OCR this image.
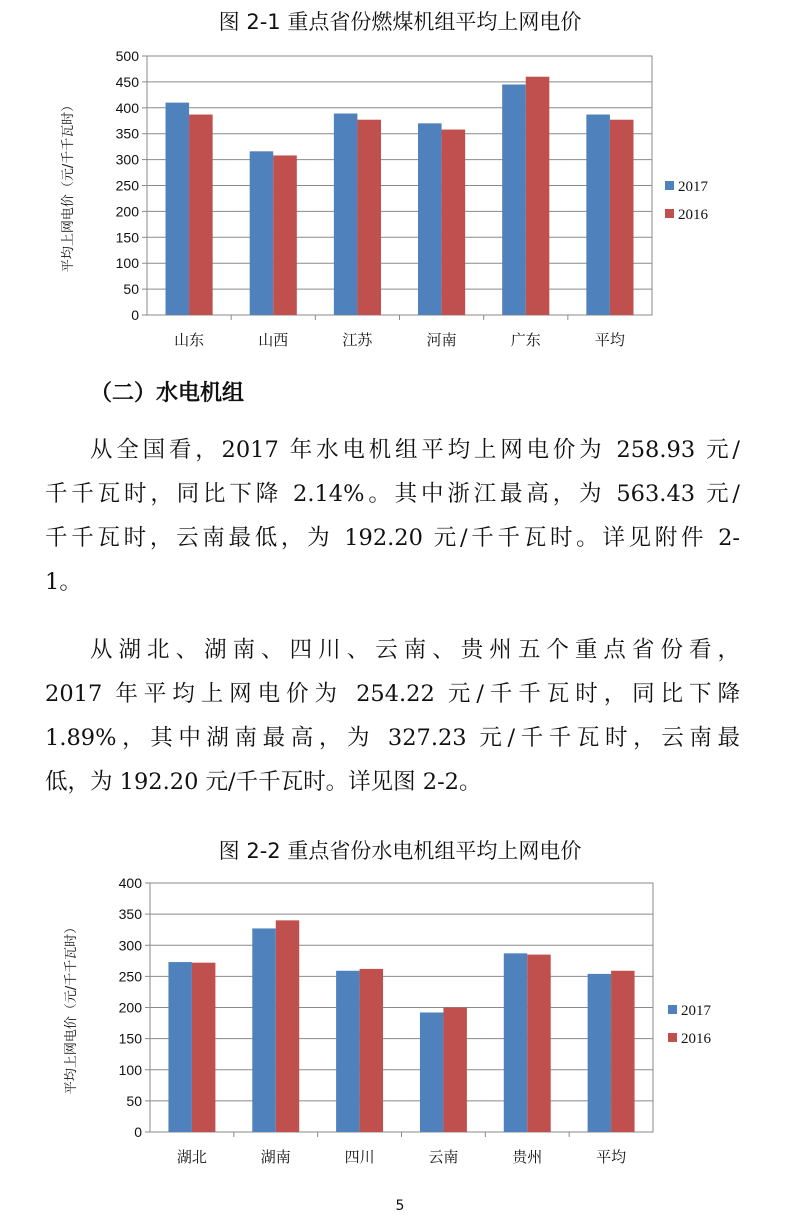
图 2-1 重点省份燃煤机组平均上网电价
0
50
100
150
200
250
300
350
400
450
500
山东	山西	江苏	河南	广东	平均
平均上网电价（元/千千瓦时）	2017
2016
（二）水电机组
从全国看，2017 年水电机组平均上网电价为 258.93 元/
千千瓦时，同比下降 2.14%。其中浙江最高，为 563.43 元/
千千瓦时，云南最低，为 192.20 元/千千瓦时。详见附件 2-
1。
从湖北、湖南、四川、云南、贵州五个重点省份看，
2017 年平均上网电价为 254.22 元/千千瓦时，同比下降
1.89%，其中湖南最高，为 327.23 元/千千瓦时，云南最
低，为 192.20 元/千千瓦时。详见图 2-2。
图 2-2 重点省份水电机组平均上网电价
0
50
100
150
200
250
300
350
400
湖北	湖南	四川	云南	贵州	平均
平均上网电价（元/千千瓦时）	2017
2016
5
